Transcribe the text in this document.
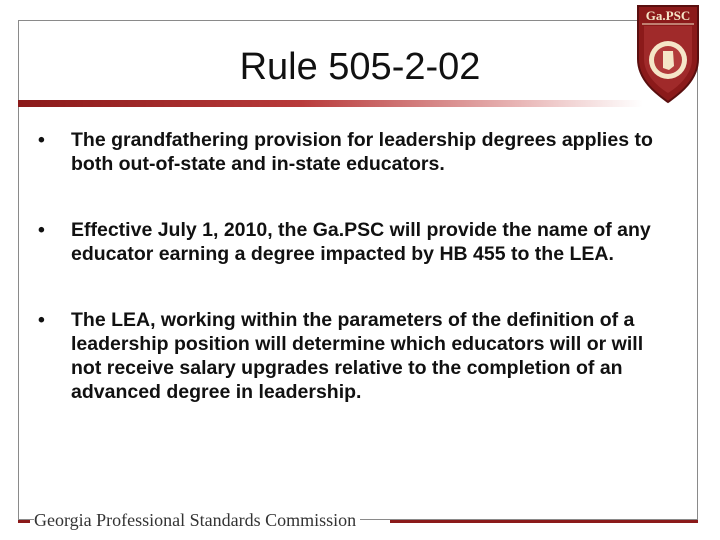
Rule 505-2-02
Ga.PSC
• The grandfathering provision for leadership degrees applies to both out-of-state and in-state educators.
• Effective July 1, 2010, the Ga.PSC will provide the name of any educator earning a degree impacted by HB 455 to the LEA.
• The LEA, working within the parameters of the definition of a leadership position will determine which educators will or will not receive salary upgrades relative to the completion of an advanced degree in leadership.
Georgia Professional Standards Commission
